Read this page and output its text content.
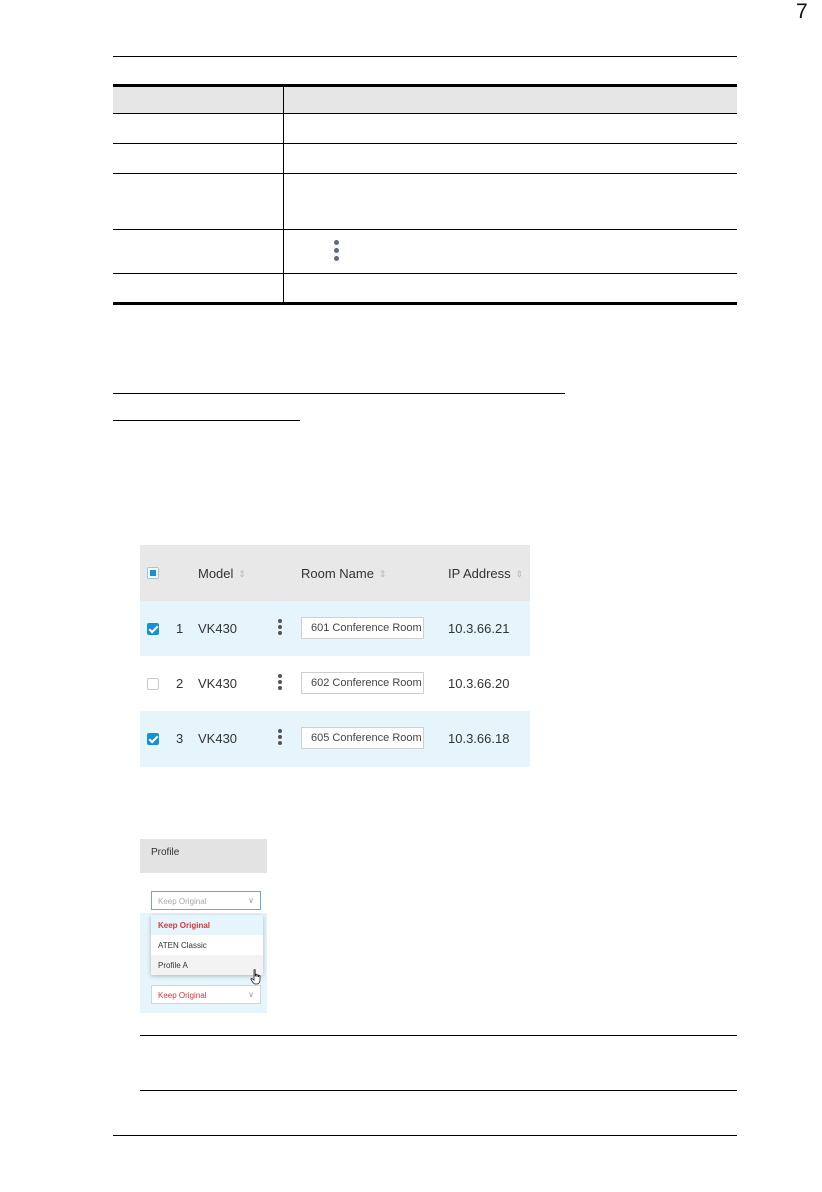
7
Model ⇕	Room Name ⇕	IP Address ⇕
1 VK430	601 Conference Room 10.3.66.21
2 VK430	602 Conference Room 10.3.66.20
3 VK430	605 Conference Room 10.3.66.18
Profile
Keep Original	∨
Keep Original
ATEN Classic
Profile A
Keep Original	∨
